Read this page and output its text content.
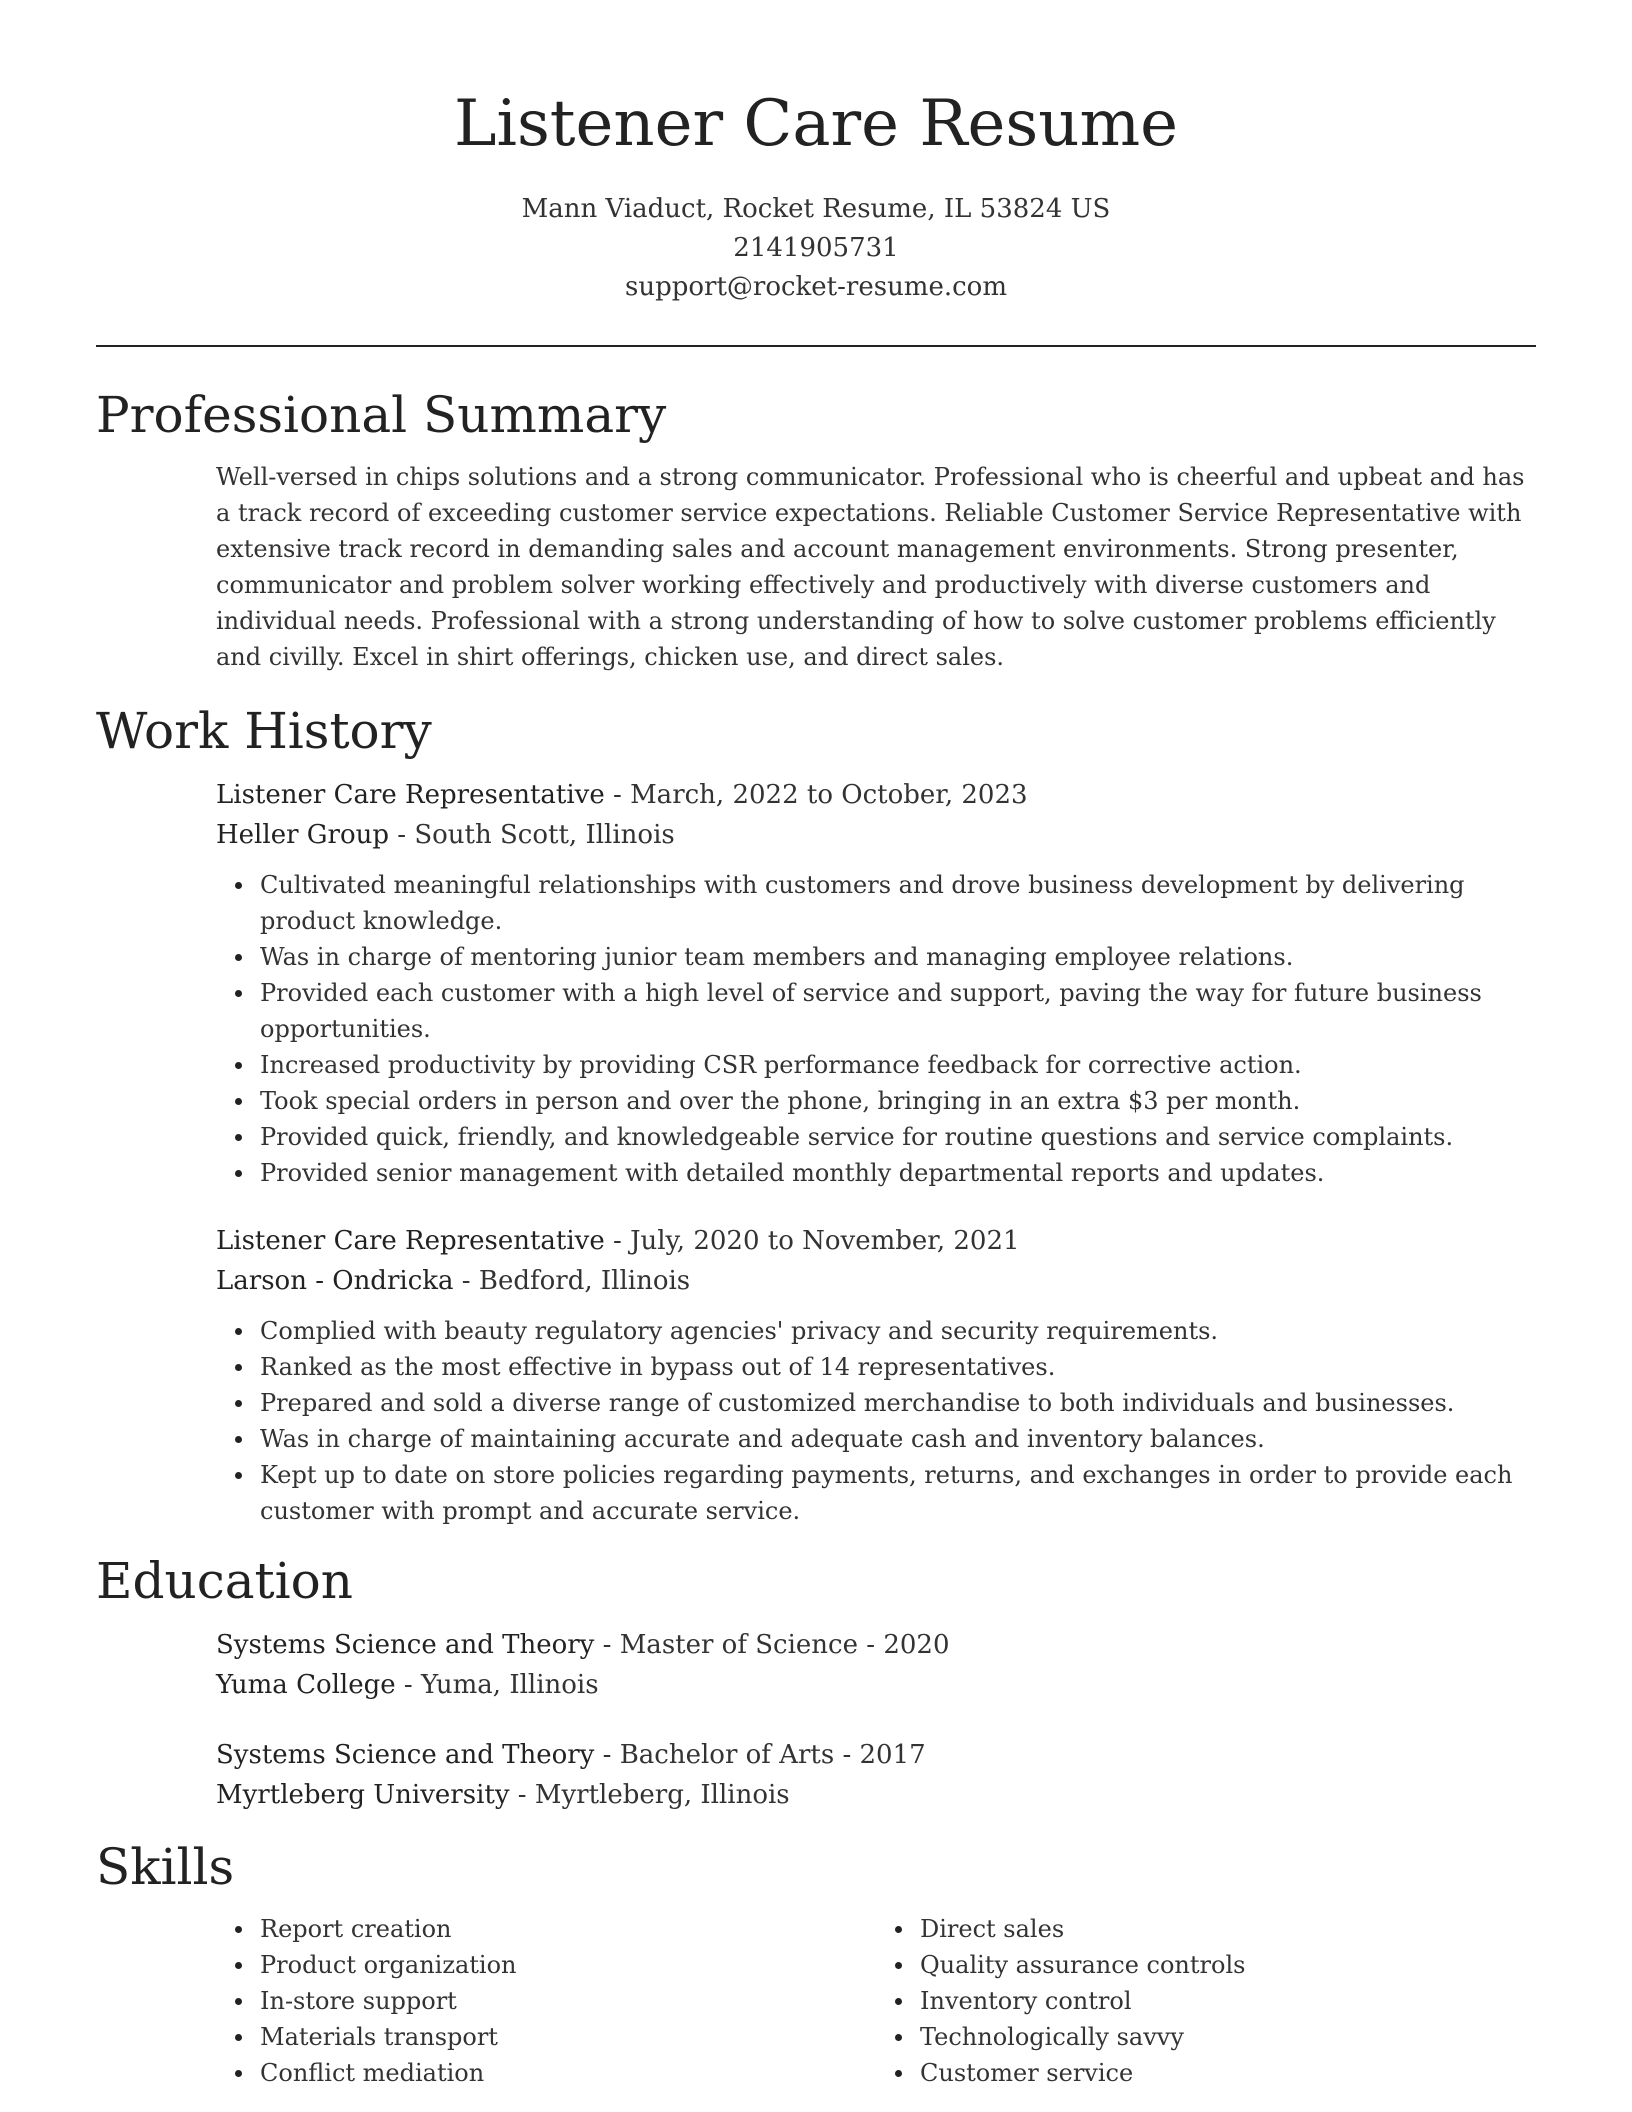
Listener Care Resume
Mann Viaduct, Rocket Resume, IL 53824 US
2141905731
support@rocket-resume.com
Professional Summary

Well-versed in chips solutions and a strong communicator. Professional who is cheerful and upbeat and has a track record of exceeding customer service expectations. Reliable Customer Service Representative with extensive track record in demanding sales and account management environments. Strong presenter, communicator and problem solver working effectively and productively with diverse customers and individual needs. Professional with a strong understanding of how to solve customer problems efficiently and civilly. Excel in shirt offerings, chicken use, and direct sales.

Work History

Listener Care Representative - March, 2022 to October, 2023

Heller Group - South Scott, Illinois

Cultivated meaningful relationships with customers and drove business development by delivering product knowledge.
Was in charge of mentoring junior team members and managing employee relations.
Provided each customer with a high level of service and support, paving the way for future business opportunities.
Increased productivity by providing CSR performance feedback for corrective action.
Took special orders in person and over the phone, bringing in an extra $3 per month.
Provided quick, friendly, and knowledgeable service for routine questions and service complaints.
Provided senior management with detailed monthly departmental reports and updates.

Listener Care Representative - July, 2020 to November, 2021

Larson - Ondricka - Bedford, Illinois

Complied with beauty regulatory agencies' privacy and security requirements.
Ranked as the most effective in bypass out of 14 representatives.
Prepared and sold a diverse range of customized merchandise to both individuals and businesses.
Was in charge of maintaining accurate and adequate cash and inventory balances.
Kept up to date on store policies regarding payments, returns, and exchanges in order to provide each customer with prompt and accurate service.
Education

Systems Science and Theory - Master of Science - 2020

Yuma College - Yuma, Illinois

Systems Science and Theory - Bachelor of Arts - 2017

Myrtleberg University - Myrtleberg, Illinois

Skills
Report creation
Product organization
In-store support
Materials transport
Conflict mediation
Direct sales
Quality assurance controls
Inventory control
Technologically savvy
Customer service
